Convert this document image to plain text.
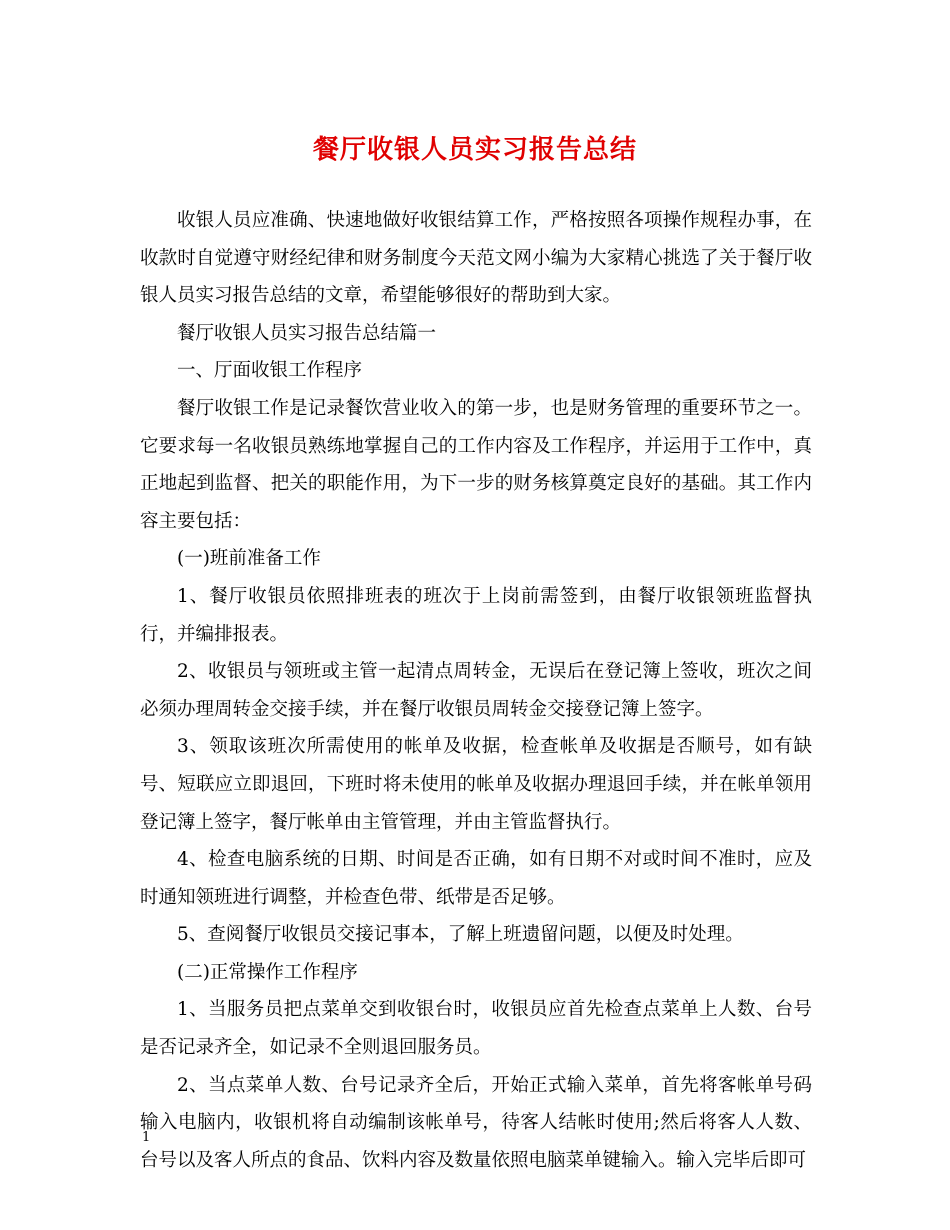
餐厅收银人员实习报告总结

收银人员应准确、快速地做好收银结算工作，严格按照各项操作规程办事，在收款时自觉遵守财经纪律和财务制度今天范文网小编为大家精心挑选了关于餐厅收银人员实习报告总结的文章，希望能够很好的帮助到大家。

餐厅收银人员实习报告总结篇一

一、厅面收银工作程序

餐厅收银工作是记录餐饮营业收入的第一步，也是财务管理的重要环节之一。它要求每一名收银员熟练地掌握自己的工作内容及工作程序，并运用于工作中，真正地起到监督、把关的职能作用，为下一步的财务核算奠定良好的基础。其工作内容主要包括：

(一)班前准备工作

1、餐厅收银员依照排班表的班次于上岗前需签到，由餐厅收银领班监督执行，并编排报表。

2、收银员与领班或主管一起清点周转金，无误后在登记簿上签收，班次之间必须办理周转金交接手续，并在餐厅收银员周转金交接登记簿上签字。

3、领取该班次所需使用的帐单及收据，检查帐单及收据是否顺号，如有缺号、短联应立即退回，下班时将未使用的帐单及收据办理退回手续，并在帐单领用登记簿上签字，餐厅帐单由主管管理，并由主管监督执行。

4、检查电脑系统的日期、时间是否正确，如有日期不对或时间不准时，应及时通知领班进行调整，并检查色带、纸带是否足够。

5、查阅餐厅收银员交接记事本，了解上班遗留问题，以便及时处理。

(二)正常操作工作程序

1、当服务员把点菜单交到收银台时，收银员应首先检查点菜单上人数、台号是否记录齐全，如记录不全则退回服务员。

2、当点菜单人数、台号记录齐全后，开始正式输入菜单，首先将客帐单号码输入电脑内，收银机将自动编制该帐单号，待客人结帐时使用;然后将客人人数、台号以及客人所点的食品、饮料内容及数量依照电脑菜单键输入。输入完毕后即可

1
